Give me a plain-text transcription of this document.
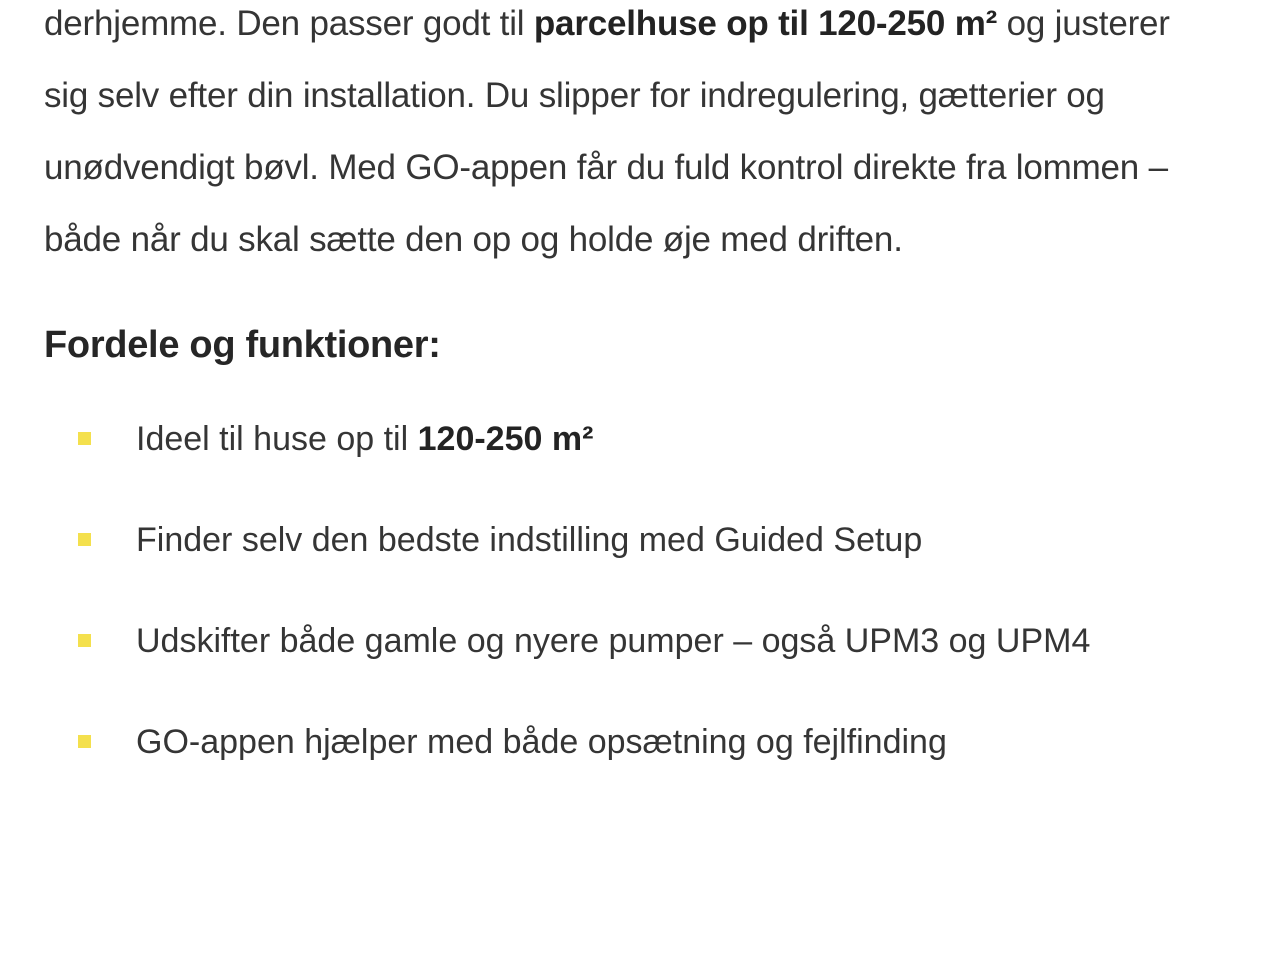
derhjemme. Den passer godt til parcelhuse op til 120-250 m² og justerer sig selv efter din installation. Du slipper for indregulering, gætterier og unødvendigt bøvl. Med GO-appen får du fuld kontrol direkte fra lommen – både når du skal sætte den op og holde øje med driften.

Fordele og funktioner:
Ideel til huse op til 120-250 m²
Finder selv den bedste indstilling med Guided Setup
Udskifter både gamle og nyere pumper – også UPM3 og UPM4
GO-appen hjælper med både opsætning og fejlfinding
